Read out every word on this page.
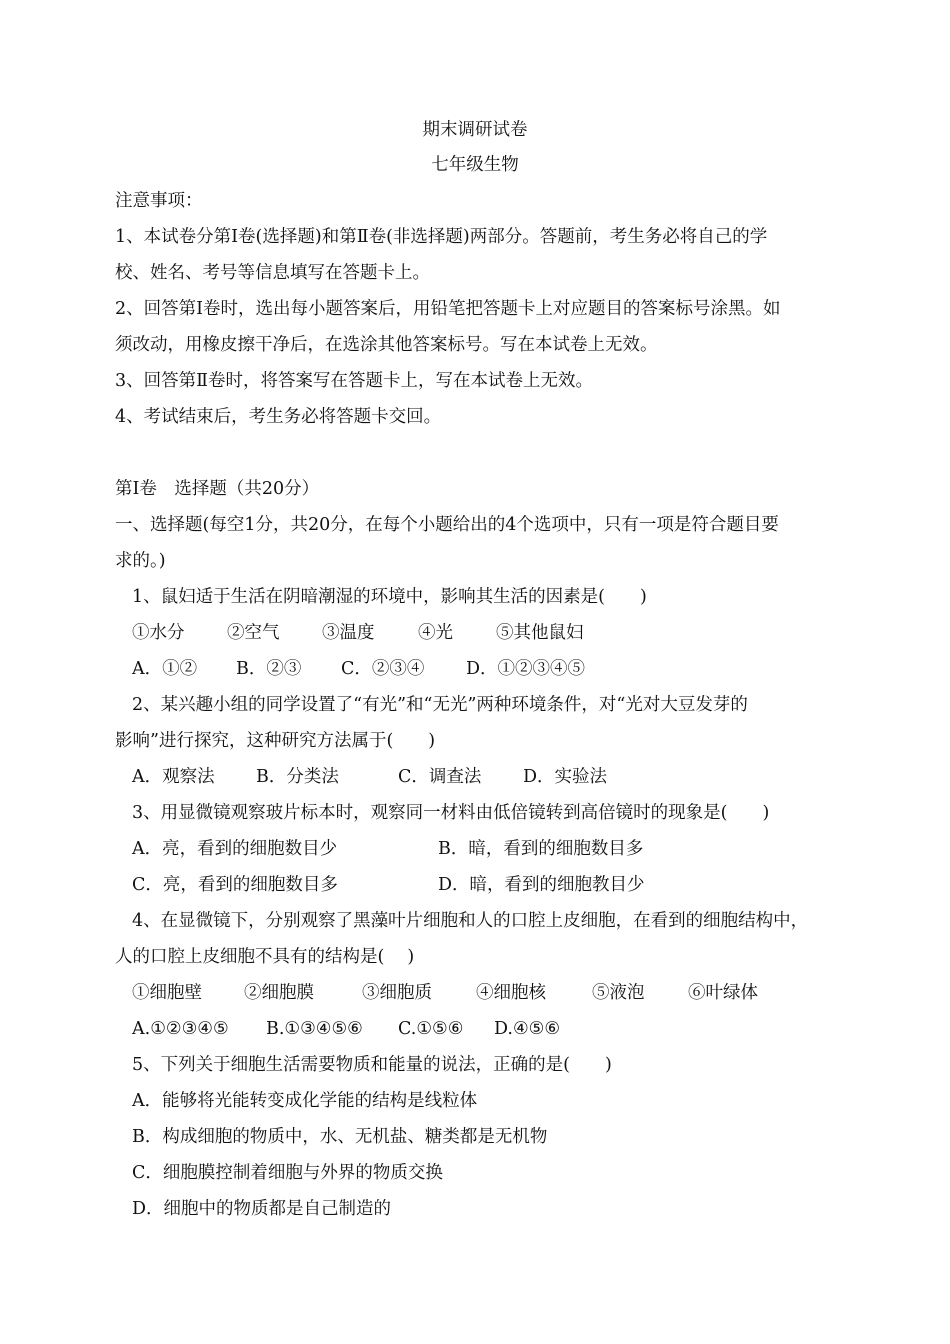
期末调研试卷
七年级生物
注意事项：
1、本试卷分第Ⅰ卷(选择题)和第Ⅱ卷(非选择题)两部分。答题前，考生务必将自己的学
校、姓名、考号等信息填写在答题卡上。
2、回答第Ⅰ卷时，选出每小题答案后，用铅笔把答题卡上对应题目的答案标号涂黑。如
须改动，用橡皮擦干净后，在选涂其他答案标号。写在本试卷上无效。
3、回答第Ⅱ卷时，将答案写在答题卡上，写在本试卷上无效。
4、考试结束后，考生务必将答题卡交回。
第Ⅰ卷　选择题（共20分）
一、选择题(每空1分，共20分，在每个小题给出的4个选项中，只有一项是符合题目要
求的。)
1、鼠妇适于生活在阴暗潮湿的环境中，影响其生活的因素是(　　)
①水分 ②空气 ③温度 ④光 ⑤其他鼠妇
A．①② B．②③ C．②③④ D．①②③④⑤
2、某兴趣小组的同学设置了“有光”和“无光”两种环境条件，对“光对大豆发芽的
影响”进行探究，这种研究方法属于(　　)
A．观察法 B．分类法	C．调查法 D．实验法
3、用显微镜观察玻片标本时，观察同一材料由低倍镜转到高倍镜时的现象是(　　)
A．亮，看到的细胞数目少	B．暗，看到的细胞数目多
C．亮，看到的细胞数目多	D．暗，看到的细胞教目少
4、在显微镜下，分别观察了黑藻叶片细胞和人的口腔上皮细胞，在看到的细胞结构中，
人的口腔上皮细胞不具有的结构是(　 )
①细胞壁 ②细胞膜	③细胞质	④细胞核	⑤液泡 ⑥叶绿体
A.①②③④⑤ B.①③④⑤⑥ C.①⑤⑥ D.④⑤⑥
5、下列关于细胞生活需要物质和能量的说法，正确的是(　　)
A．能够将光能转变成化学能的结构是线粒体
B．构成细胞的物质中，水、无机盐、糖类都是无机物
C．细胞膜控制着细胞与外界的物质交换
D．细胞中的物质都是自己制造的
